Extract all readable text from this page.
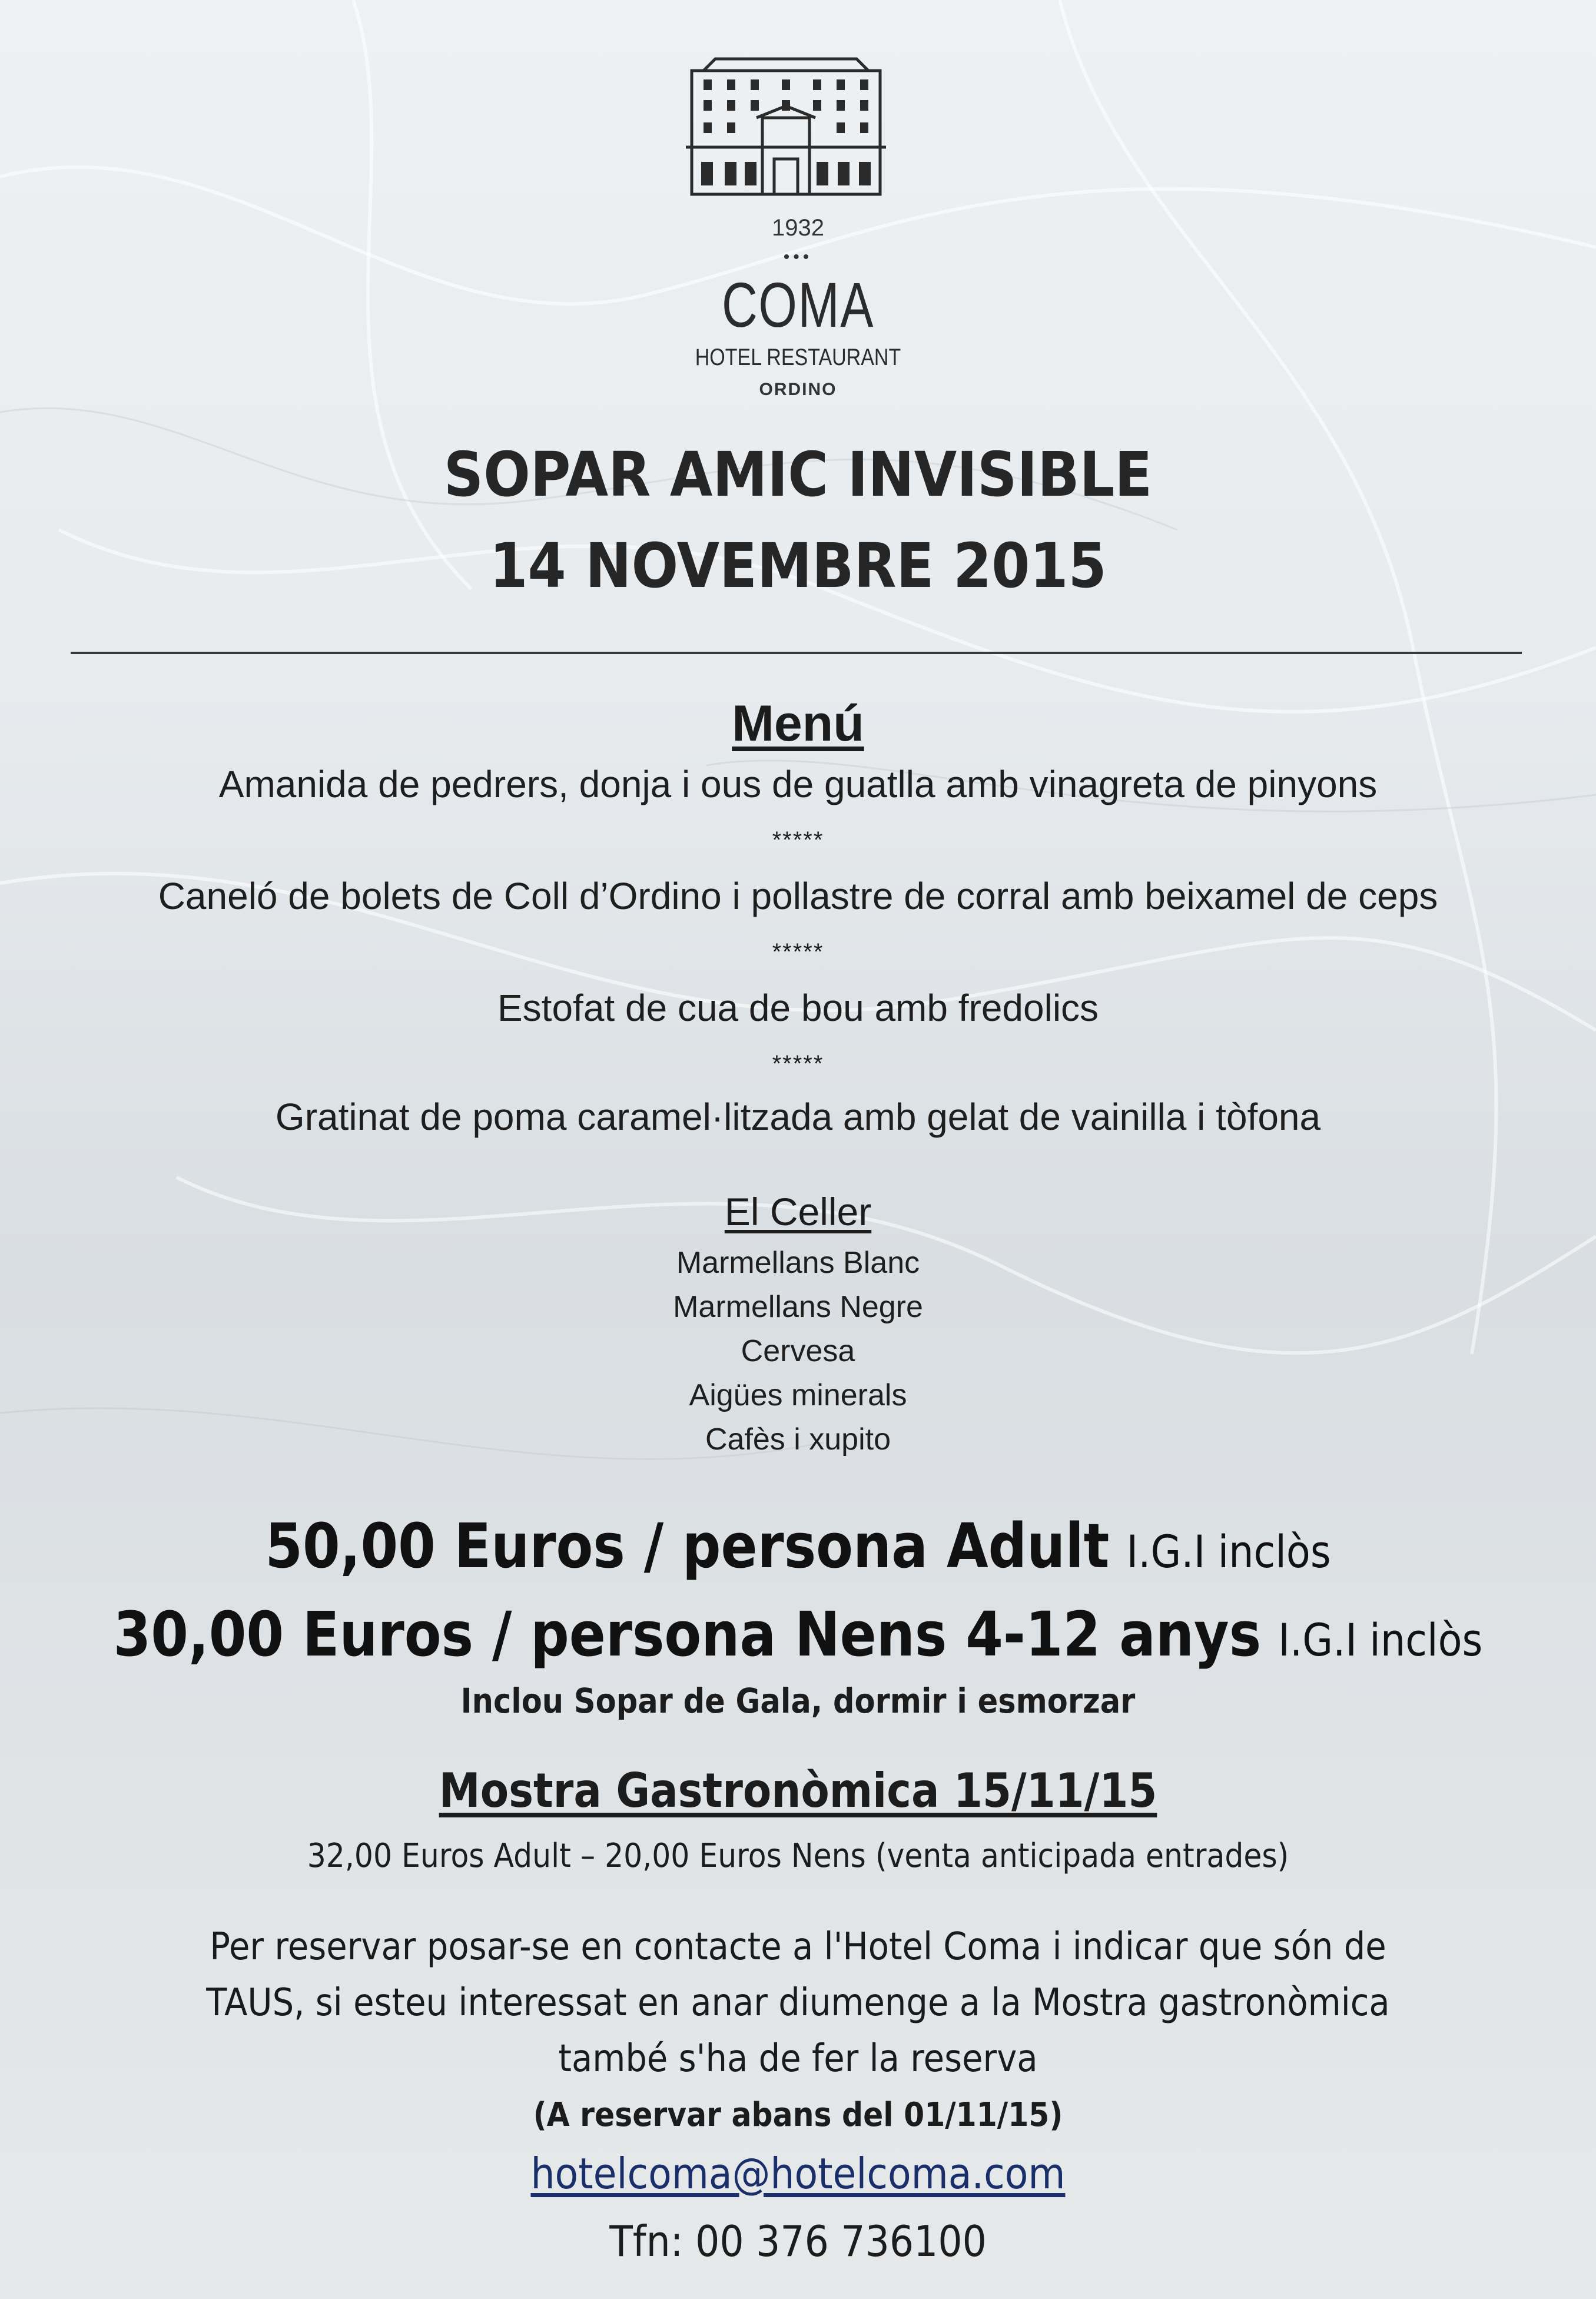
1932
•••
COMA
HOTEL RESTAURANT
ORDINO
SOPAR AMIC INVISIBLE
14 NOVEMBRE 2015
Menú
Amanida de pedrers, donja i ous de guatlla amb vinagreta de pinyons
*****
Caneló de bolets de Coll d’Ordino i pollastre de corral amb beixamel de ceps
*****
Estofat de cua de bou amb fredolics
*****
Gratinat de poma caramel·litzada amb gelat de vainilla i tòfona
El Celler
Marmellans Blanc
Marmellans Negre
Cervesa
Aigües minerals
Cafès i xupito
50,00 Euros / persona Adult I.G.I inclòs
30,00 Euros / persona Nens 4-12 anys I.G.I inclòs
Inclou Sopar de Gala, dormir i esmorzar
Mostra Gastronòmica 15/11/15
32,00 Euros Adult – 20,00 Euros Nens (venta anticipada entrades)
Per reservar posar-se en contacte a l'Hotel Coma i indicar que són de
TAUS, si esteu interessat en anar diumenge a la Mostra gastronòmica
també s'ha de fer la reserva
(A reservar abans del 01/11/15)
hotelcoma@hotelcoma.com
Tfn: 00 376 736100
